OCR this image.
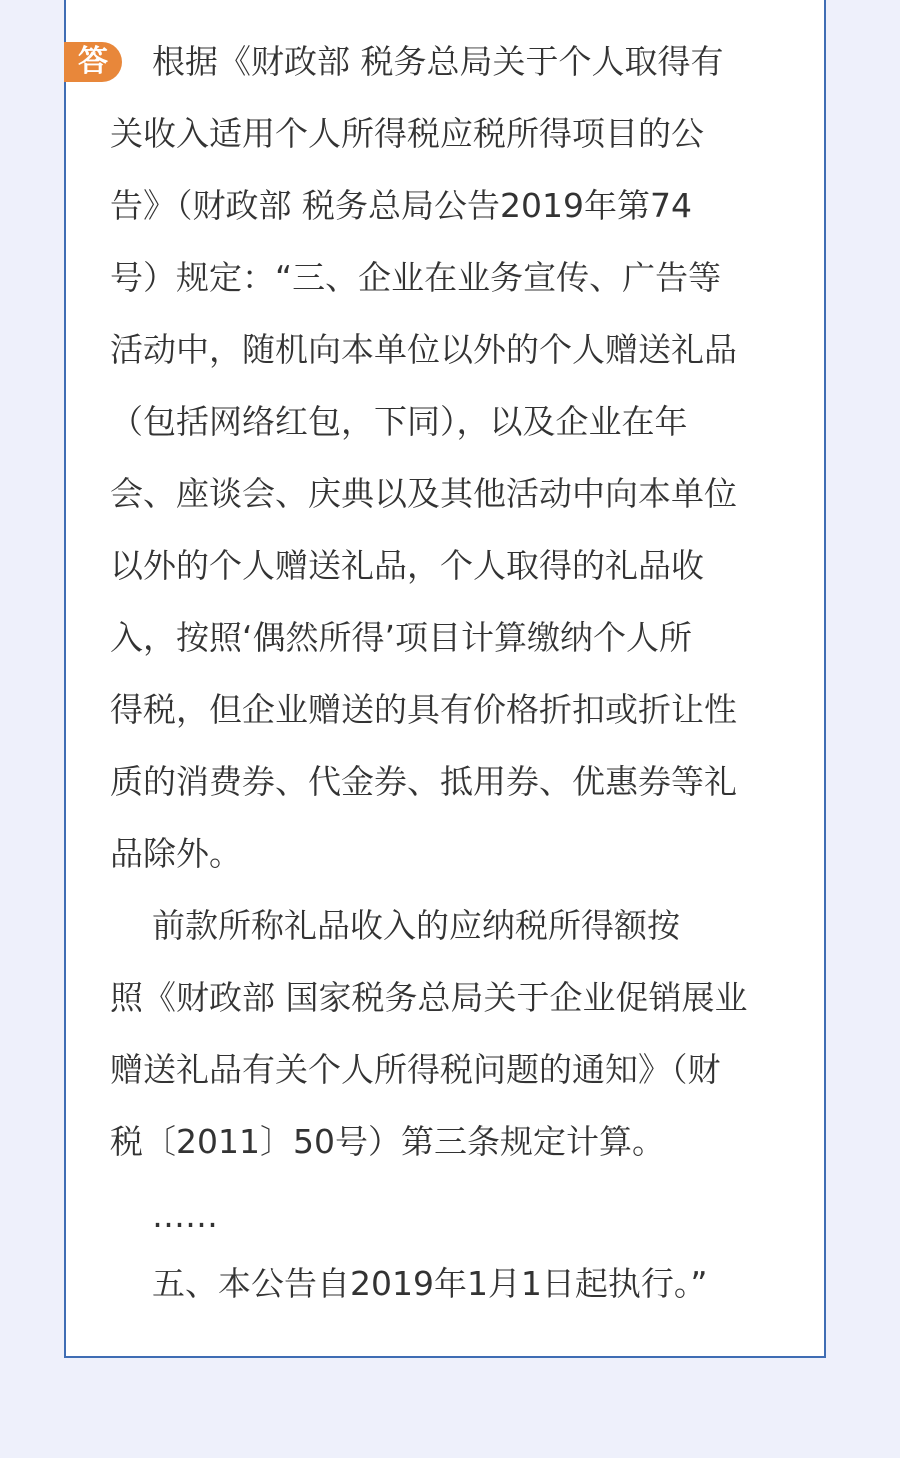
答 根据《财政部 税务总局关于个人取得有
关收入适用个人所得税应税所得项目的公
告》（财政部 税务总局公告2019年第74
号）规定：“三、企业在业务宣传、广告等
活动中，随机向本单位以外的个人赠送礼品
（包括网络红包，下同），以及企业在年
会、座谈会、庆典以及其他活动中向本单位
以外的个人赠送礼品，个人取得的礼品收
入，按照‘偶然所得’项目计算缴纳个人所
得税，但企业赠送的具有价格折扣或折让性
质的消费券、代金券、抵用券、优惠券等礼
品除外。
前款所称礼品收入的应纳税所得额按
照《财政部 国家税务总局关于企业促销展业
赠送礼品有关个人所得税问题的通知》（财
税〔2011〕50号）第三条规定计算。
……
五、本公告自2019年1月1日起执行。”
